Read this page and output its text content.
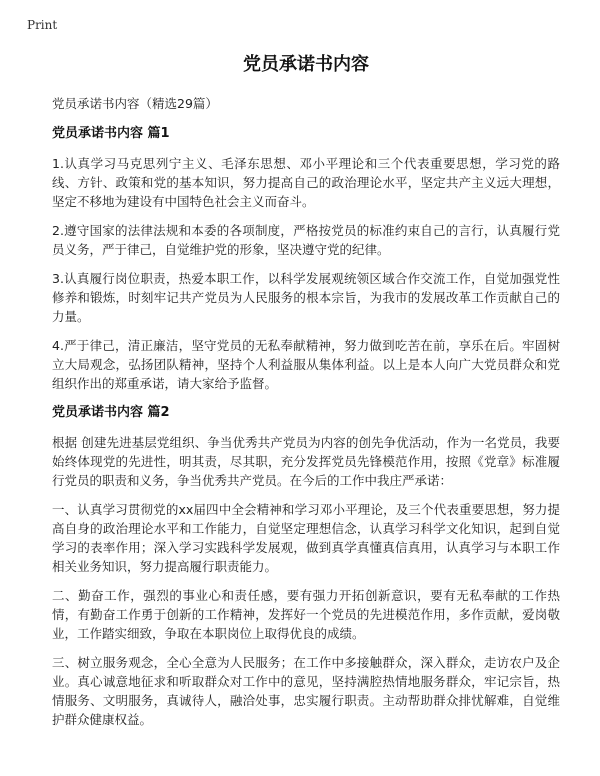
Print
党员承诺书内容

党员承诺书内容（精选29篇）

党员承诺书内容 篇1

1.认真学习马克思列宁主义、毛泽东思想、邓小平理论和三个代表重要思想，学习党的路线、方针、政策和党的基本知识，努力提高自己的政治理论水平，坚定共产主义远大理想，坚定不移地为建设有中国特色社会主义而奋斗。

2.遵守国家的法律法规和本委的各项制度，严格按党员的标准约束自己的言行，认真履行党员义务，严于律己，自觉维护党的形象，坚决遵守党的纪律。

3.认真履行岗位职责，热爱本职工作，以科学发展观统领区域合作交流工作，自觉加强党性修养和锻炼，时刻牢记共产党员为人民服务的根本宗旨，为我市的发展改革工作贡献自己的力量。

4.严于律己，清正廉洁，坚守党员的无私奉献精神，努力做到吃苦在前，享乐在后。牢固树立大局观念，弘扬团队精神，坚持个人利益服从集体利益。以上是本人向广大党员群众和党组织作出的郑重承诺，请大家给予监督。

党员承诺书内容 篇2

根据 创建先进基层党组织、争当优秀共产党员为内容的创先争优活动，作为一名党员，我要始终体现党的先进性，明其责，尽其职，充分发挥党员先锋模范作用，按照《党章》标准履行党员的职责和义务，争当优秀共产党员。在今后的工作中我庄严承诺：

一、认真学习贯彻党的xx届四中全会精神和学习邓小平理论，及三个代表重要思想，努力提高自身的政治理论水平和工作能力，自觉坚定理想信念，认真学习科学文化知识，起到自觉学习的表率作用；深入学习实践科学发展观，做到真学真懂真信真用，认真学习与本职工作相关业务知识，努力提高履行职责能力。

二、勤奋工作，强烈的事业心和责任感，要有强力开拓创新意识，要有无私奉献的工作热情，有勤奋工作勇于创新的工作精神，发挥好一个党员的先进模范作用，多作贡献，爱岗敬业，工作踏实细致，争取在本职岗位上取得优良的成绩。

三、树立服务观念，全心全意为人民服务；在工作中多接触群众，深入群众，走访农户及企业。真心诚意地征求和听取群众对工作中的意见，坚持满腔热情地服务群众，牢记宗旨，热情服务、文明服务，真诚待人，融洽处事，忠实履行职责。主动帮助群众排忧解难，自觉维护群众健康权益。
